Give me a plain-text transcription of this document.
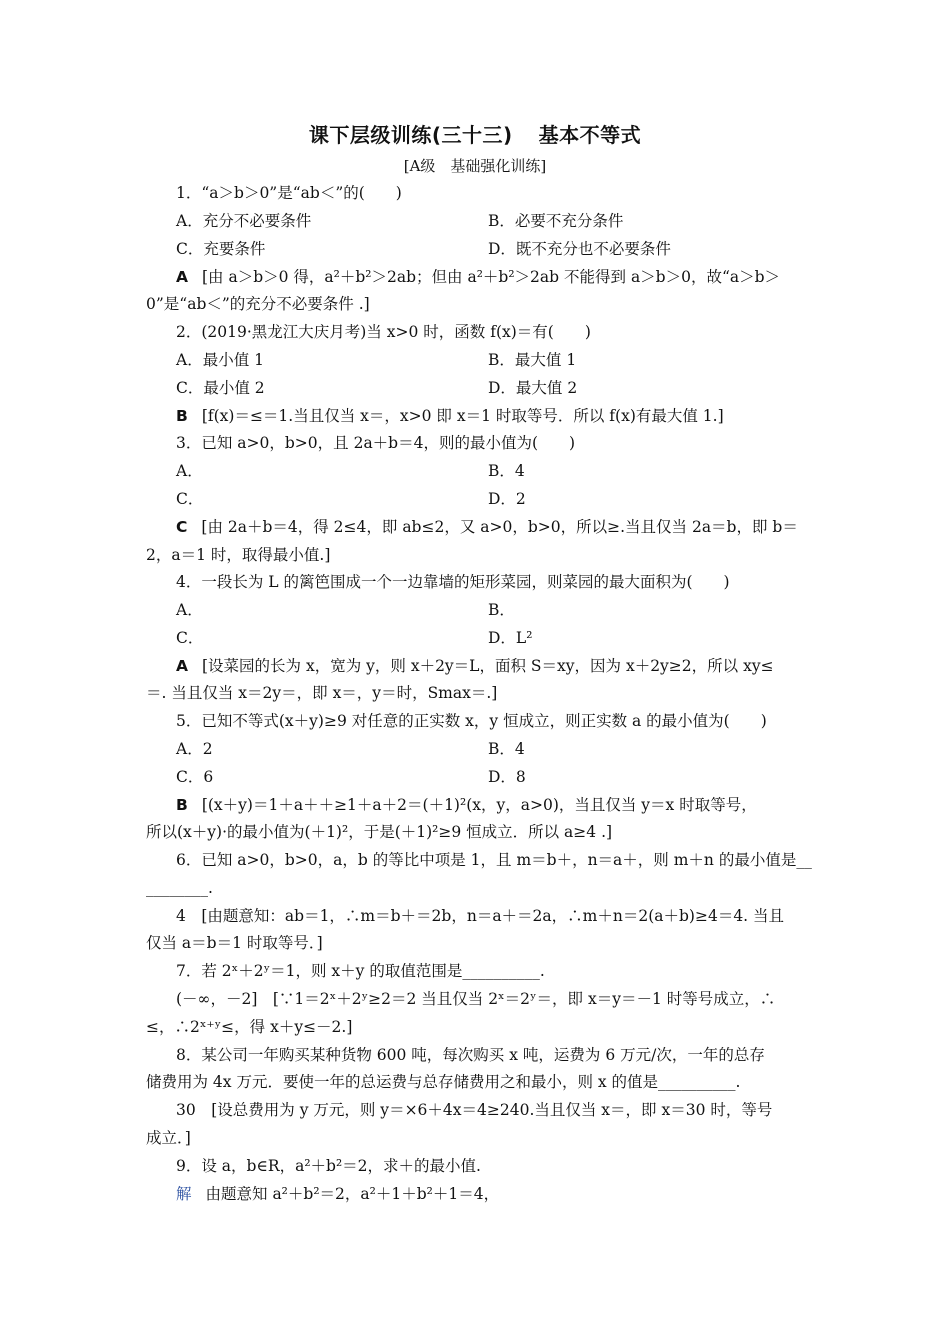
课下层级训练(三十三) 基本不等式
[A级　基础强化训练]
1．“a＞b＞0”是“ab＜”的(　　)
A．充分不必要条件	B．必要不充分条件
C．充要条件	D．既不充分也不必要条件
A [由 a＞b＞0 得，a²＋b²＞2ab；但由 a²＋b²＞2ab 不能得到 a＞b＞0，故“a＞b＞
0”是“ab＜”的充分不必要条件 .]
2．(2019·黑龙江大庆月考)当 x>0 时，函数 f(x)＝有(　　)
A．最小值 1	B．最大值 1
C．最小值 2	D．最大值 2
B [f(x)＝≤＝1.当且仅当 x＝，x>0 即 x＝1 时取等号．所以 f(x)有最大值 1.]
3．已知 a>0，b>0，且 2a＋b＝4，则的最小值为(　　)
A．	B．4
C．	D．2
C [由 2a＋b＝4，得 2≤4，即 ab≤2，又 a>0，b>0，所以≥.当且仅当 2a＝b，即 b＝
2，a＝1 时，取得最小值.]
4．一段长为 L 的篱笆围成一个一边靠墙的矩形菜园，则菜园的最大面积为(　　)
A．	B．
C．	D．L²
A [设菜园的长为 x，宽为 y，则 x＋2y＝L，面积 S＝xy，因为 x＋2y≥2，所以 xy≤
＝. 当且仅当 x＝2y＝，即 x＝，y＝时，Smax＝.]
5．已知不等式(x＋y)≥9 对任意的正实数 x，y 恒成立，则正实数 a 的最小值为(　　)
A．2	B．4
C．6	D．8
B [(x＋y)＝1＋a＋＋≥1＋a＋2＝(＋1)²(x，y，a>0)，当且仅当 y＝x 时取等号，
所以(x＋y)·的最小值为(＋1)²，于是(＋1)²≥9 恒成立．所以 a≥4 .]
6．已知 a>0，b>0，a，b 的等比中项是 1，且 m＝b＋，n＝a＋，则 m＋n 的最小值是__
________.
4　[由题意知：ab＝1，∴m＝b＋＝2b，n＝a＋＝2a，∴m＋n＝2(a＋b)≥4＝4. 当且
仅当 a＝b＝1 时取等号．]
7．若 2ˣ＋2ʸ＝1，则 x＋y 的取值范围是__________.
(－∞，－2]　[∵1＝2ˣ＋2ʸ≥2＝2 当且仅当 2ˣ＝2ʸ＝，即 x＝y＝－1 时等号成立，∴
≤，∴2ˣ⁺ʸ≤，得 x＋y≤－2.]
8．某公司一年购买某种货物 600 吨，每次购买 x 吨，运费为 6 万元/次，一年的总存
储费用为 4x 万元．要使一年的总运费与总存储费用之和最小，则 x 的值是__________.
30　[设总费用为 y 万元，则 y＝×6＋4x＝4≥240.当且仅当 x＝，即 x＝30 时，等号
成立．]
9．设 a，b∈R，a²＋b²＝2，求＋的最小值.
解 由题意知 a²＋b²＝2，a²＋1＋b²＋1＝4，
